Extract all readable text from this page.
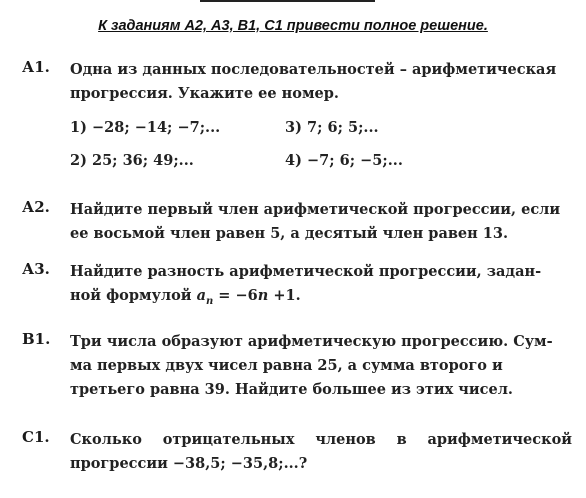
К заданиям А2, А3, В1, С1 привести полное решение.
А1. Одна из данных последовательностей – арифметическая
прогрессия. Укажите ее номер.
1) −28; −14; −7;...	3) 7; 6; 5;...
2) 25; 36; 49;...	4) −7; 6; −5;...
А2. Найдите первый член арифметической прогрессии, если
ее восьмой член равен 5, а десятый член равен 13.
А3. Найдите разность арифметической прогрессии, задан-
ной формулой $a_n = -6n +1$.
В1. Три числа образуют арифметическую прогрессию. Сум-
ма первых двух чисел равна 25, а сумма второго и
третьего равна 39. Найдите большее из этих чисел.
С1. Сколько отрицательных членов в арифметической
прогрессии −38,5; −35,8;...?
